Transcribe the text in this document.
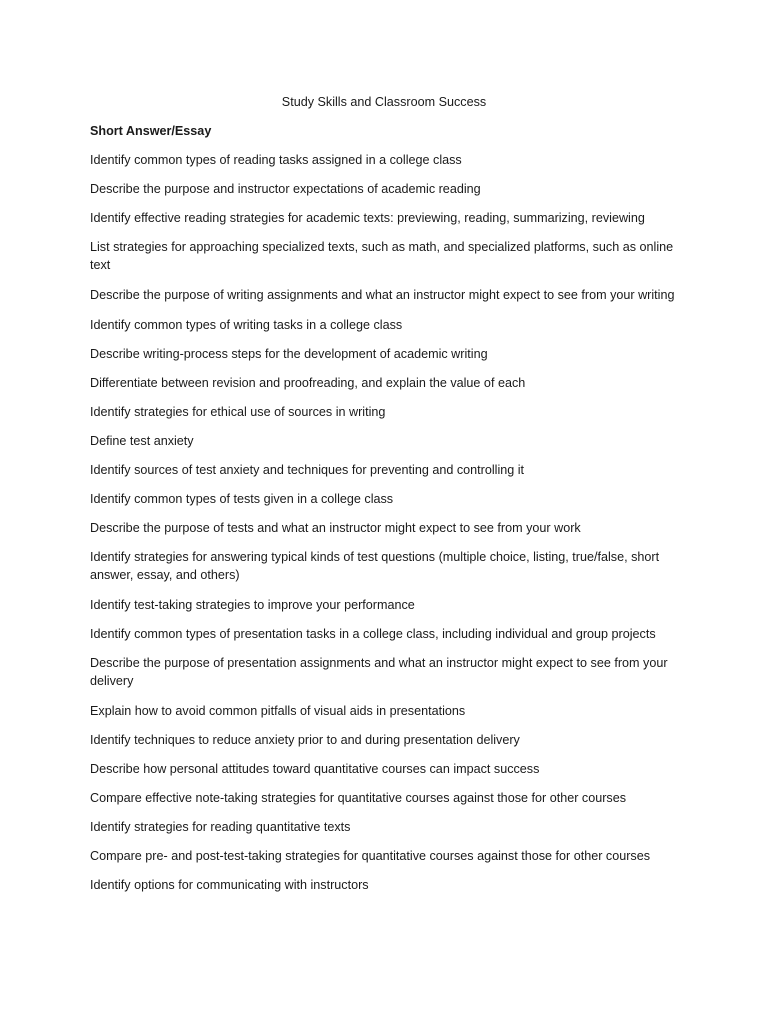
Study Skills and Classroom Success
Short Answer/Essay
Identify common types of reading tasks assigned in a college class
Describe the purpose and instructor expectations of academic reading
Identify effective reading strategies for academic texts: previewing, reading, summarizing, reviewing
List strategies for approaching specialized texts, such as math, and specialized platforms, such as online text
Describe the purpose of writing assignments and what an instructor might expect to see from your writing
Identify common types of writing tasks in a college class
Describe writing-process steps for the development of academic writing
Differentiate between revision and proofreading, and explain the value of each
Identify strategies for ethical use of sources in writing
Define test anxiety
Identify sources of test anxiety and techniques for preventing and controlling it
Identify common types of tests given in a college class
Describe the purpose of tests and what an instructor might expect to see from your work
Identify strategies for answering typical kinds of test questions (multiple choice, listing, true/false, short answer, essay, and others)
Identify test-taking strategies to improve your performance
Identify common types of presentation tasks in a college class, including individual and group projects
Describe the purpose of presentation assignments and what an instructor might expect to see from your delivery
Explain how to avoid common pitfalls of visual aids in presentations
Identify techniques to reduce anxiety prior to and during presentation delivery
Describe how personal attitudes toward quantitative courses can impact success
Compare effective note-taking strategies for quantitative courses against those for other courses
Identify strategies for reading quantitative texts
Compare pre- and post-test-taking strategies for quantitative courses against those for other courses
Identify options for communicating with instructors
